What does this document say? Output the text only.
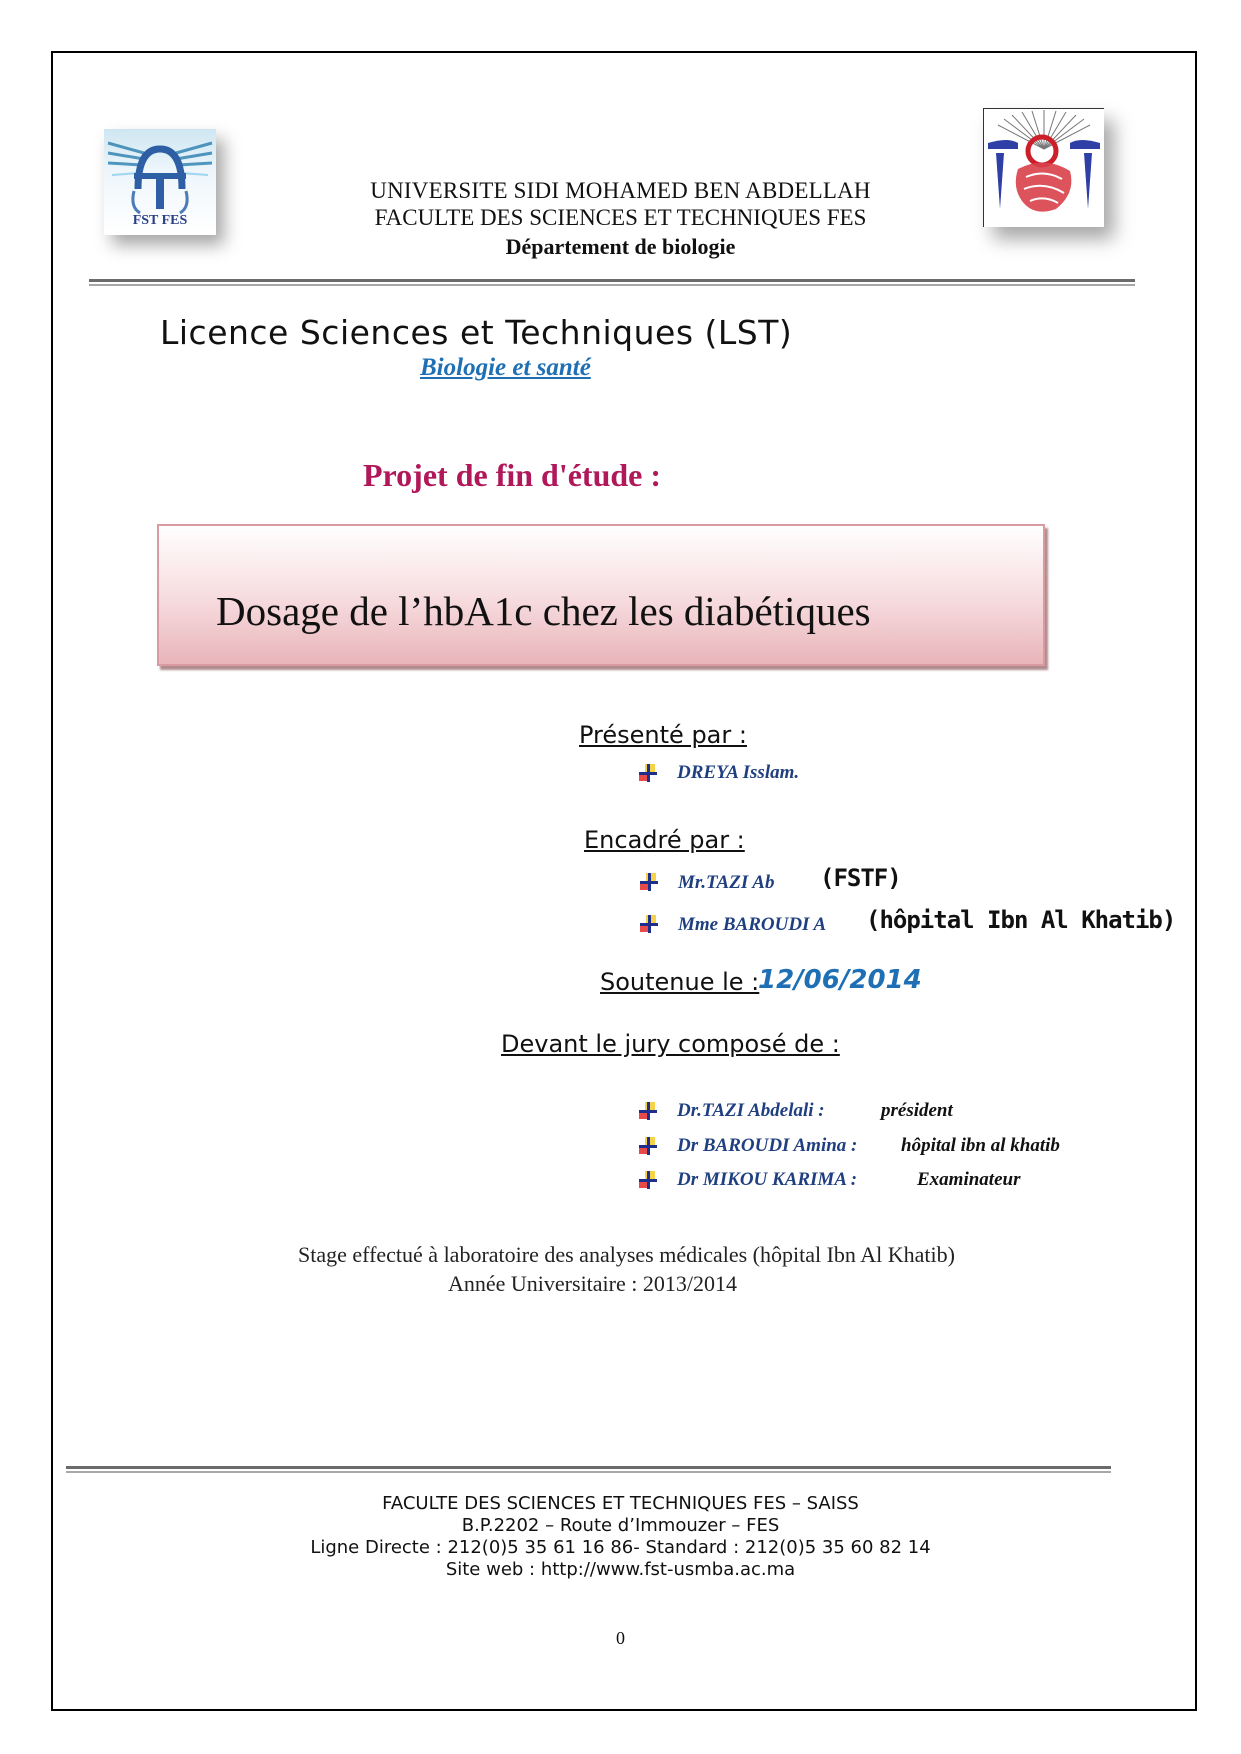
FST FES
UNIVERSITE SIDI MOHAMED BEN ABDELLAH
FACULTE DES SCIENCES ET TECHNIQUES FES
Département de biologie
Licence Sciences et Techniques (LST)
Biologie et santé
Projet de fin d'étude :
Dosage de l’hbA1c chez les diabétiques
Présenté par :
DREYA Isslam.
Encadré par :
Mr.TAZI Ab (FSTF)
Mme BAROUDI A (hôpital Ibn Al Khatib)
Soutenue le :
12/06/2014
Devant le jury composé de :
Dr.TAZI Abdelali :	président
Dr BAROUDI Amina : hôpital ibn al khatib
Dr MIKOU KARIMA :	Examinateur
Stage effectué à laboratoire des analyses médicales (hôpital Ibn Al Khatib)
Année Universitaire : 2013/2014
FACULTE DES SCIENCES ET TECHNIQUES FES – SAISS
B.P.2202 – Route d’Immouzer – FES
Ligne Directe : 212(0)5 35 61 16 86- Standard : 212(0)5 35 60 82 14
Site web : http://www.fst-usmba.ac.ma
0
